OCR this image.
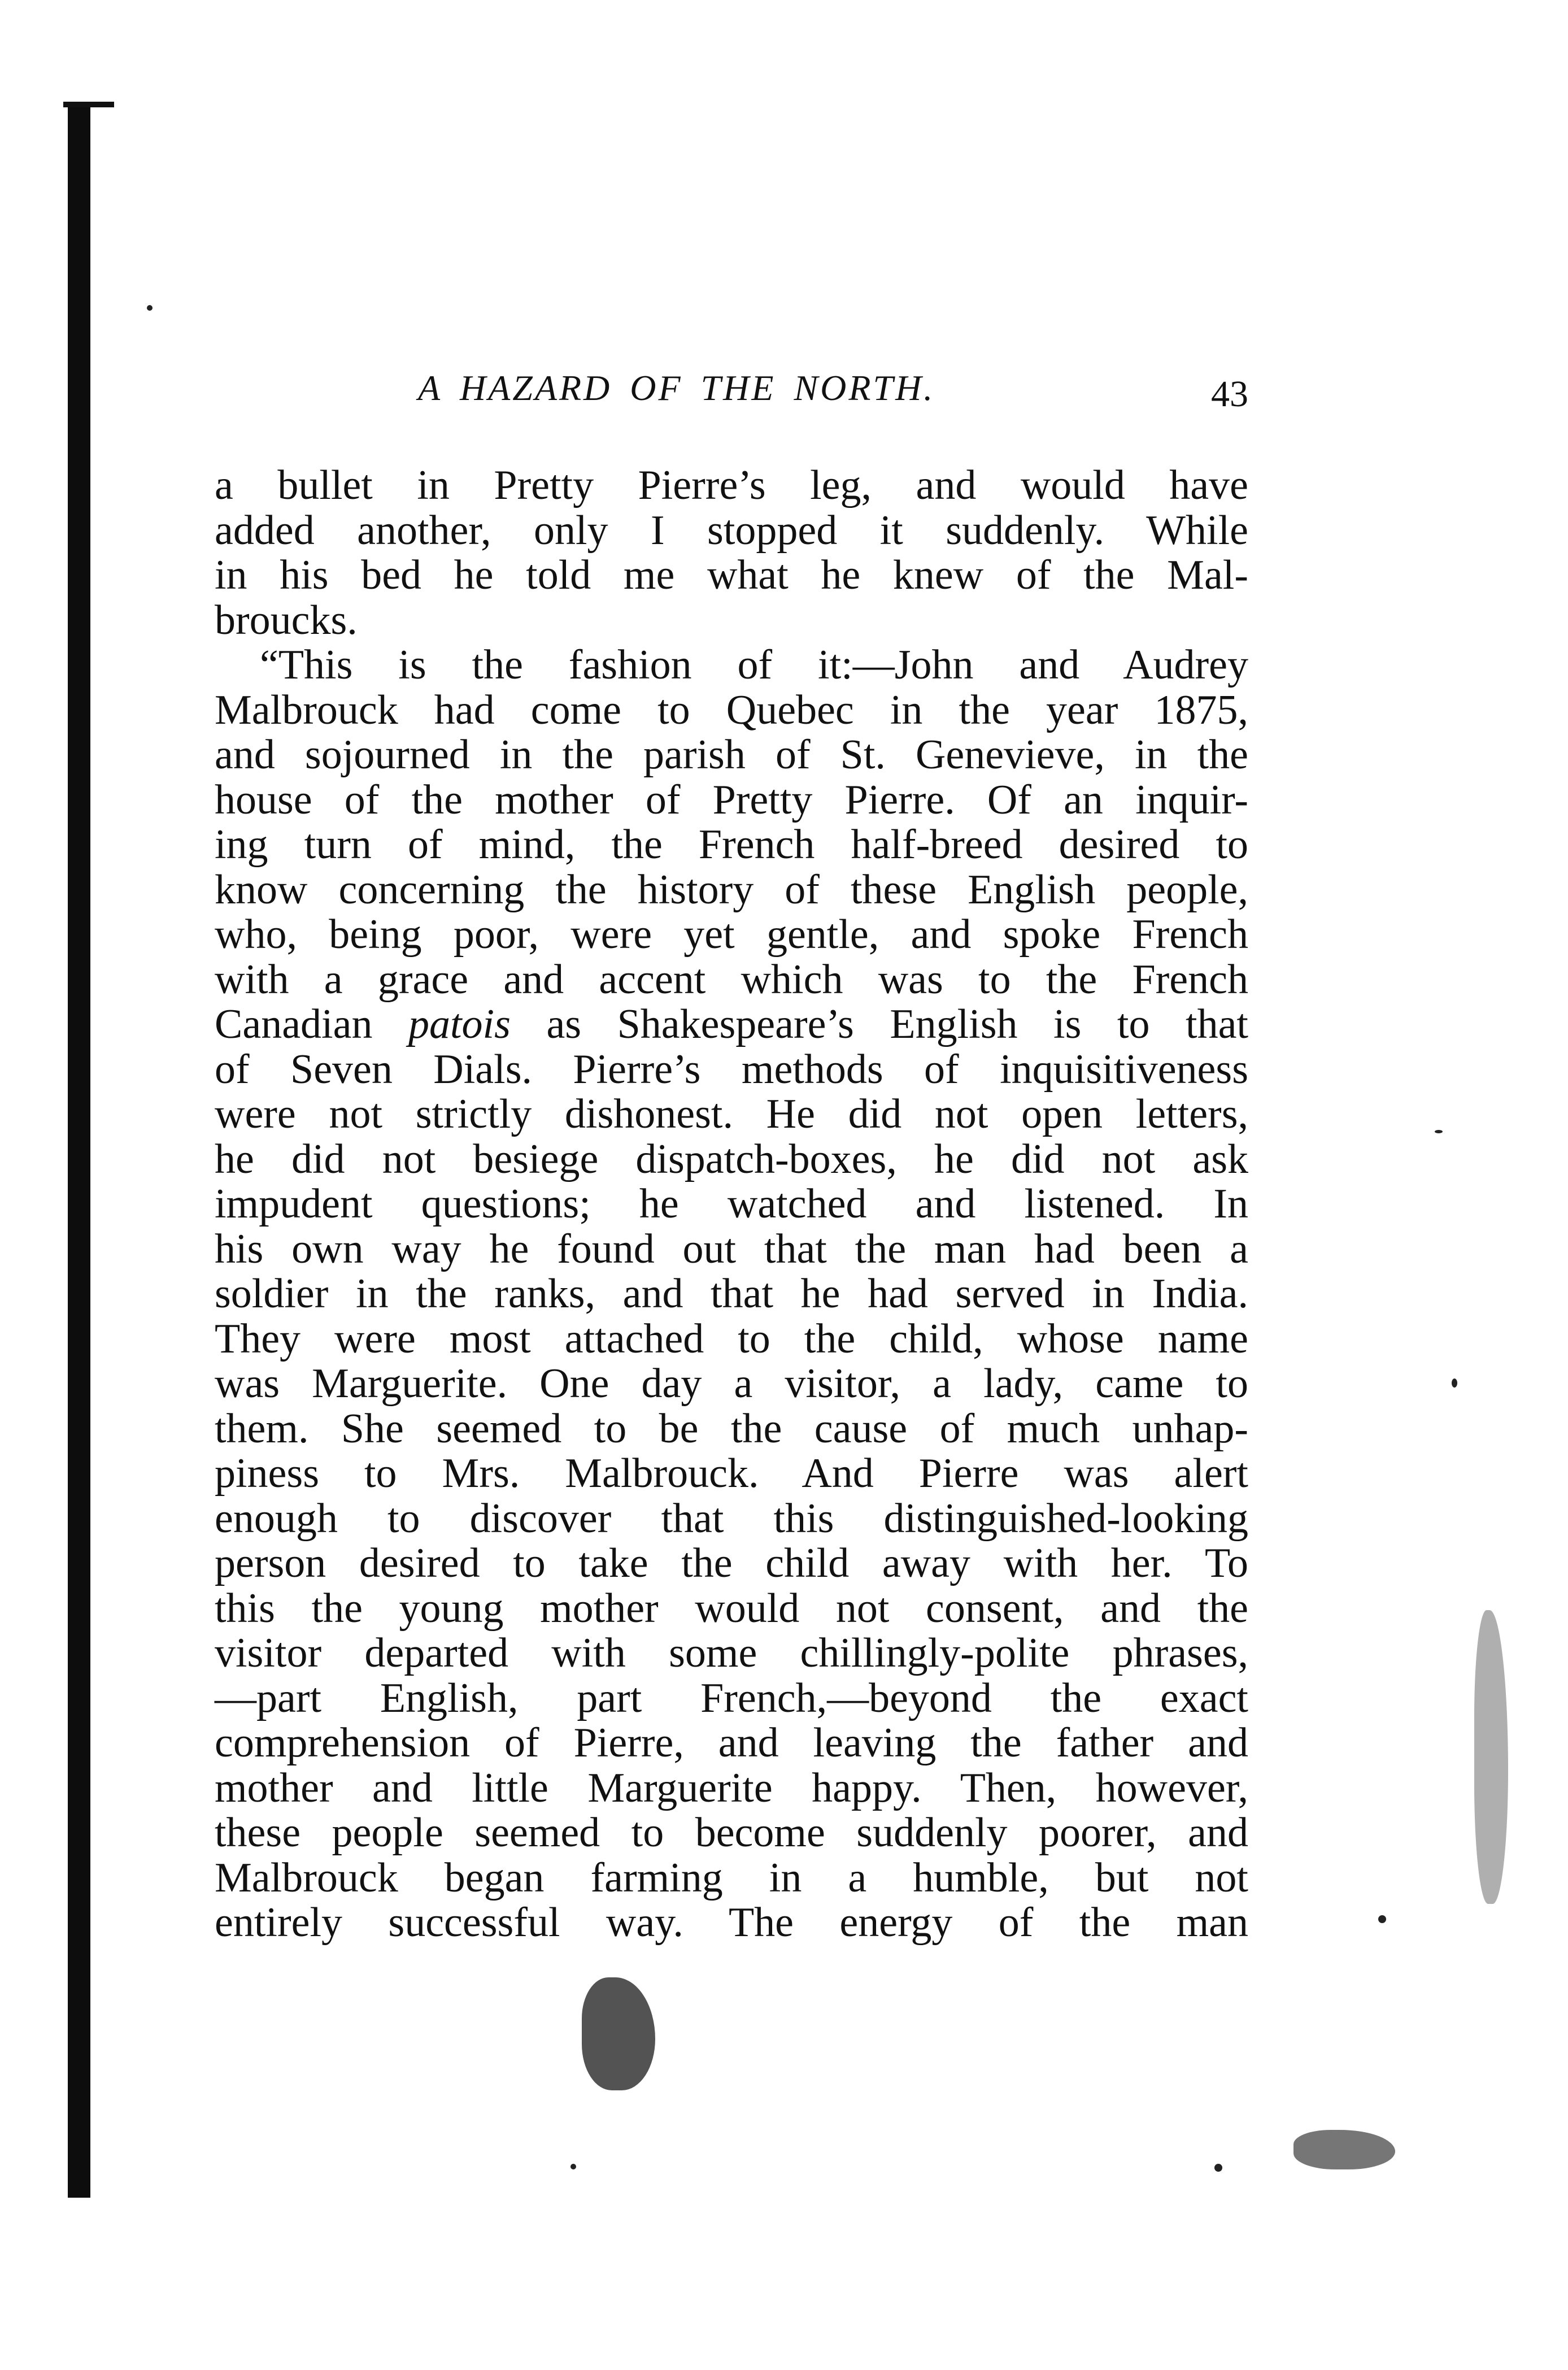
A HAZARD OF THE NORTH.	43
a bullet in Pretty Pierre’s leg, and would have
added another, only I stopped it suddenly. While
in his bed he told me what he knew of the Mal-
broucks.
“This is the fashion of it:—John and Audrey
Malbrouck had come to Quebec in the year 1875,
and sojourned in the parish of St. Genevieve, in the
house of the mother of Pretty Pierre. Of an inquir-
ing turn of mind, the French half-breed desired to
know concerning the history of these English people,
who, being poor, were yet gentle, and spoke French
with a grace and accent which was to the French
Canadian patois as Shakespeare’s English is to that
of Seven Dials. Pierre’s methods of inquisitiveness
were not strictly dishonest. He did not open letters,
he did not besiege dispatch-boxes, he did not ask
impudent questions; he watched and listened. In
his own way he found out that the man had been a
soldier in the ranks, and that he had served in India.
They were most attached to the child, whose name
was Marguerite. One day a visitor, a lady, came to
them. She seemed to be the cause of much unhap-
piness to Mrs. Malbrouck. And Pierre was alert
enough to discover that this distinguished-looking
person desired to take the child away with her. To
this the young mother would not consent, and the
visitor departed with some chillingly-polite phrases,
—part English, part French,—beyond the exact
comprehension of Pierre, and leaving the father and
mother and little Marguerite happy. Then, however,
these people seemed to become suddenly poorer, and
Malbrouck began farming in a humble, but not
entirely successful way. The energy of the man
